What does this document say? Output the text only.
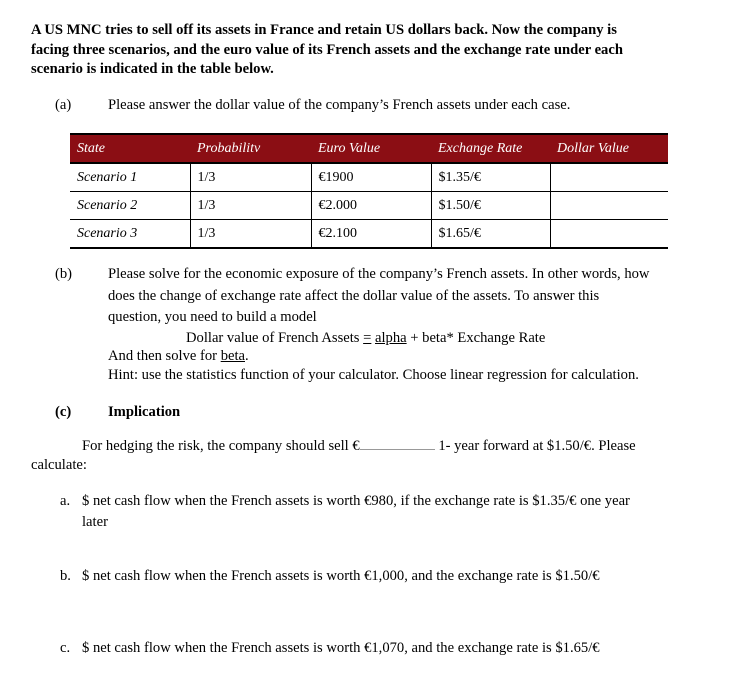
A US MNC tries to sell off its assets in France and retain US dollars back. Now the company is
facing three scenarios, and the euro value of its French assets and the exchange rate under each
scenario is indicated in the table below.
(a)	Please answer the dollar value of the company’s French assets under each case.
State	Probabilitv	Euro Value	Exchange Rate	Dollar Value
Scenario 1	1/3	€1900	$1.35/€	
Scenario 2	1/3	€2.000	$1.50/€	
Scenario 3	1/3	€2.100	$1.65/€	
(b) Please solve for the economic exposure of the company’s French assets. In other words, how
does the change of exchange rate affect the dollar value of the assets. To answer this
question, you need to build a model
Dollar value of French Assets = alpha + beta* Exchange Rate
And then solve for beta.
Hint: use the statistics function of your calculator. Choose linear regression for calculation.
(c)	Implication
For hedging the risk, the company should sell €	1- year forward at $1.50/€. Please
calculate:
a. $ net cash flow when the French assets is worth €980, if the exchange rate is $1.35/€ one year
later
b. $ net cash flow when the French assets is worth €1,000, and the exchange rate is $1.50/€
c. $ net cash flow when the French assets is worth €1,070, and the exchange rate is $1.65/€
